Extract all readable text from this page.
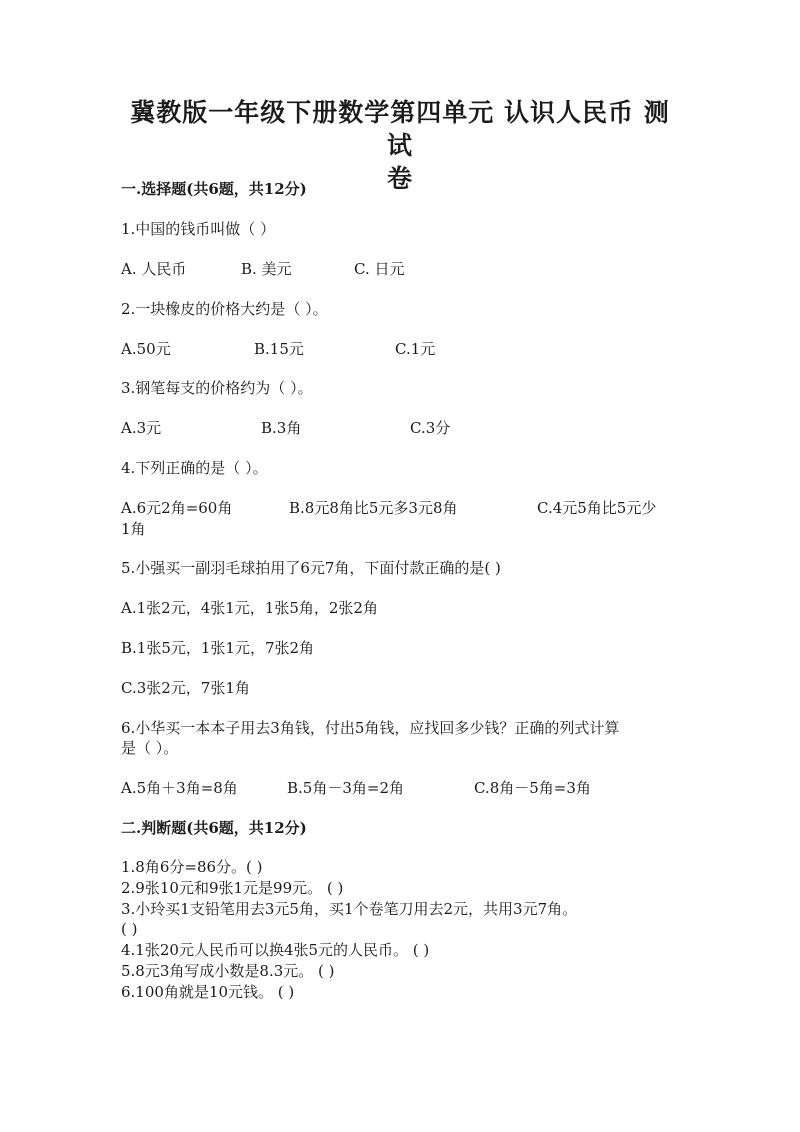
冀教版一年级下册数学第四单元 认识人民币 测试
卷
一.选择题(共6题，共12分)
1.中国的钱币叫做（ ）
A. 人民币	B. 美元	C. 日元
2.一块橡皮的价格大约是（ ）。
A.50元	B.15元	C.1元
3.钢笔每支的价格约为（ ）。
A.3元	B.3角	C.3分
4.下列正确的是（ ）。
A.6元2角=60角	B.8元8角比5元多3元8角	C.4元5角比5元少
1角
5.小强买一副羽毛球拍用了6元7角，下面付款正确的是( )
A.1张2元，4张1元，1张5角，2张2角
B.1张5元，1张1元，7张2角
C.3张2元，7张1角
6.小华买一本本子用去3角钱，付出5角钱，应找回多少钱？正确的列式计算
是（ ）。
A.5角＋3角=8角	B.5角－3角=2角	C.8角－5角=3角
二.判断题(共6题，共12分)
1.8角6分=86分。( )
2.9张10元和9张1元是99元。 ( )
3.小玲买1支铅笔用去3元5角，买1个卷笔刀用去2元，共用3元7角。
( )
4.1张20元人民币可以换4张5元的人民币。 ( )
5.8元3角写成小数是8.3元。 ( )
6.100角就是10元钱。 ( )
